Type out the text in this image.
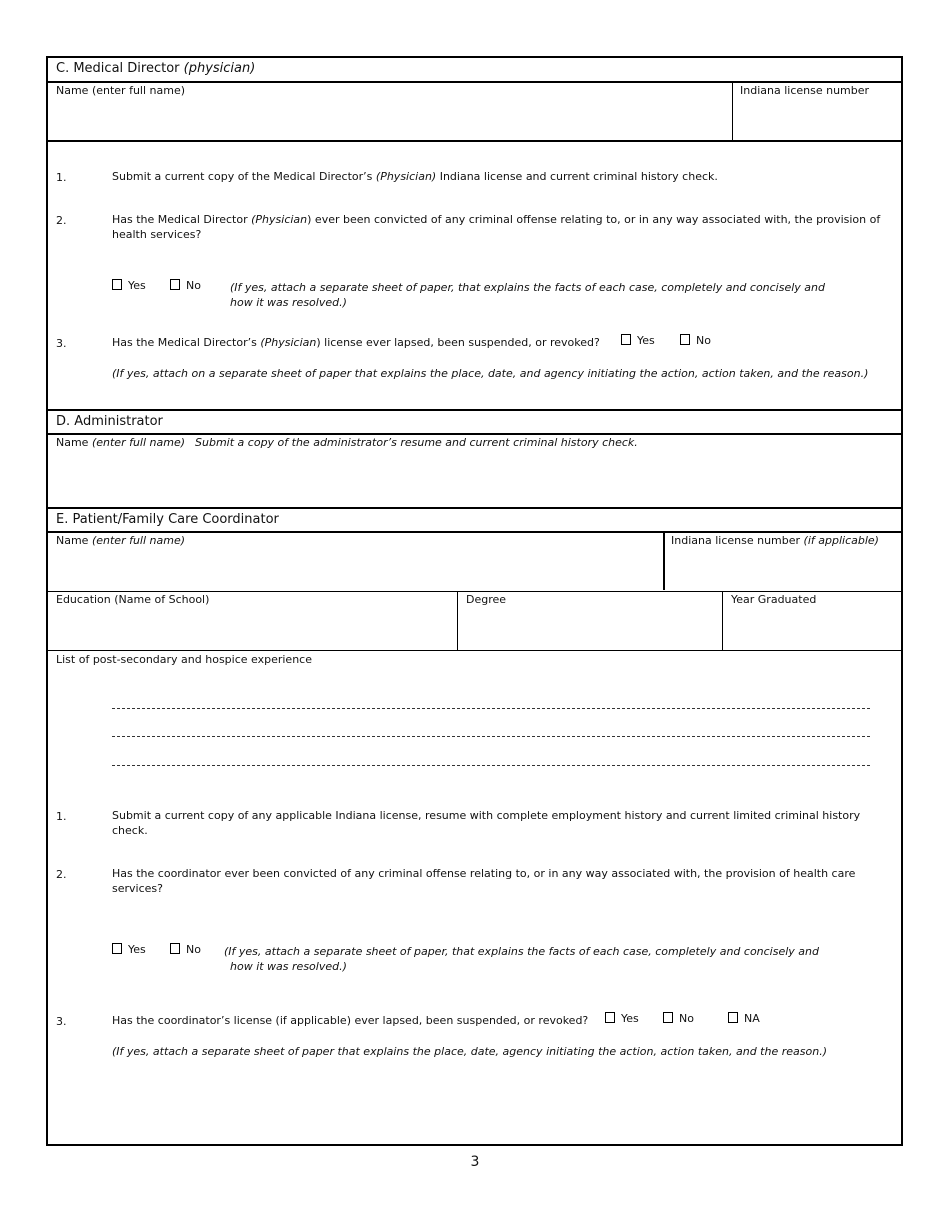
C. Medical Director (physician)
Name (enter full name)	Indiana license number
1.	Submit a current copy of the Medical Director’s (Physician) Indiana license and current criminal history check.
2.	Has the Medical Director (Physician) ever been convicted of any criminal offense relating to, or in any way associated with, the provision of health services?
Yes	No	(If yes, attach a separate sheet of paper, that explains the facts of each case, completely and concisely and
how it was resolved.)
3.	Has the Medical Director’s (Physician) license ever lapsed, been suspended, or revoked?	Yes	No
(If yes, attach on a separate sheet of paper that explains the place, date, and agency initiating the action, action taken, and the reason.)
D. Administrator
Name (enter full name) Submit a copy of the administrator’s resume and current criminal history check.
E. Patient/Family Care Coordinator
Name (enter full name)	Indiana license number (if applicable)
Education (Name of School)	Degree	Year Graduated
List of post-secondary and hospice experience
1.	Submit a current copy of any applicable Indiana license, resume with complete employment history and current limited criminal history check.
2.	Has the coordinator ever been convicted of any criminal offense relating to, or in any way associated with, the provision of health care services?
Yes	No (If yes, attach a separate sheet of paper, that explains the facts of each case, completely and concisely and
how it was resolved.)
3.	Has the coordinator’s license (if applicable) ever lapsed, been suspended, or revoked?	Yes	No	NA
(If yes, attach a separate sheet of paper that explains the place, date, agency initiating the action, action taken, and the reason.)
3
